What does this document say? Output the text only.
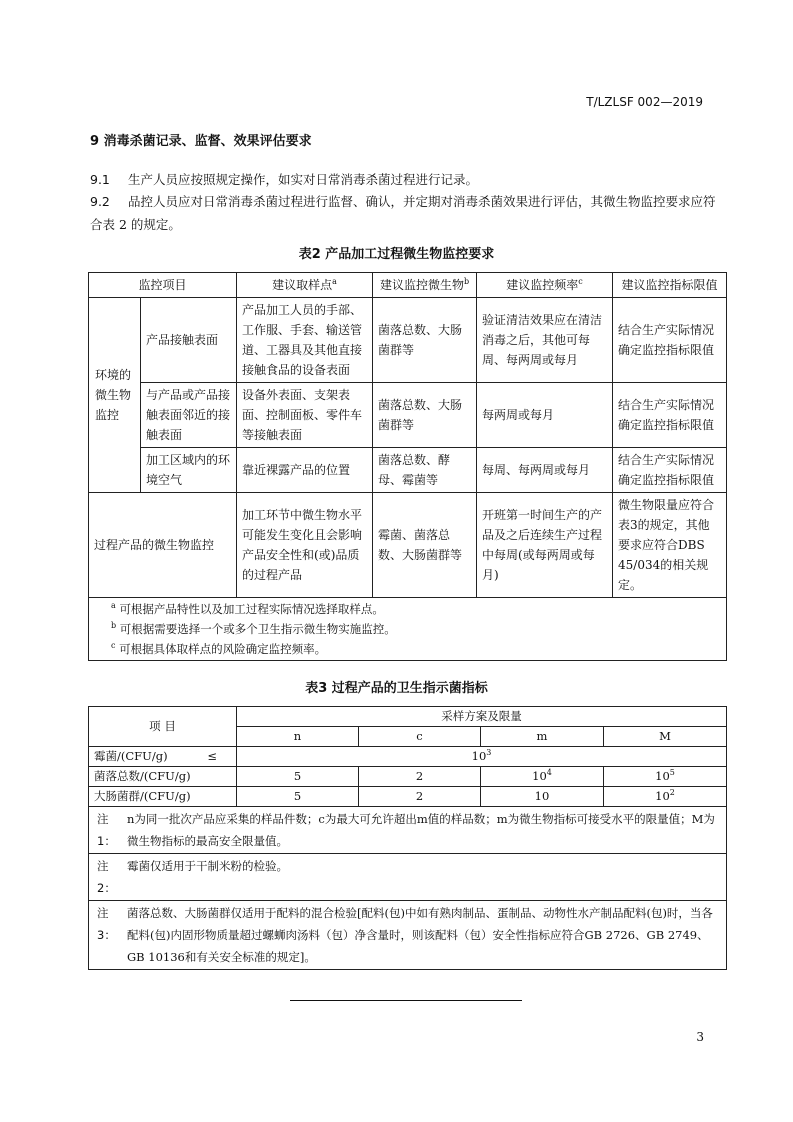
T/LZLSF 002—2019
9 消毒杀菌记录、监督、效果评估要求
9.1 生产人员应按照规定操作，如实对日常消毒杀菌过程进行记录。
9.2 品控人员应对日常消毒杀菌过程进行监督、确认，并定期对消毒杀菌效果进行评估，其微生物监控要求应符合表 2 的规定。
表2 产品加工过程微生物监控要求
监控项目		建议取样点$^a$	建议监控微生物$^b$	建议监控频率$^c$	建议监控指标限值
环境的微生物监控	产品接触表面	产品加工人员的手部、工作服、手套、输送管道、工器具及其他直接接触食品的设备表面	菌落总数、大肠菌群等	验证清洁效果应在清洁消毒之后，其他可每周、每两周或每月	结合生产实际情况确定监控指标限值
	与产品或产品接触表面邻近的接触表面	设备外表面、支架表面、控制面板、零件车等接触表面	菌落总数、大肠菌群等	每两周或每月	结合生产实际情况确定监控指标限值
	加工区域内的环境空气	靠近裸露产品的位置	菌落总数、酵母、霉菌等	每周、每两周或每月	结合生产实际情况确定监控指标限值
过程产品的微生物监控		加工环节中微生物水平可能发生变化且会影响产品安全性和(或)品质的过程产品	霉菌、菌落总数、大肠菌群等	开班第一时间生产的产品及之后连续生产过程中每周(或每两周或每月)	微生物限量应符合表3的规定，其他要求应符合DBS 45/034的相关规定。

$^a$ 可根据产品特性以及加工过程实际情况选择取样点。
$^b$ 可根据需要选择一个或多个卫生指示微生物实施监控。
$^c$ 可根据具体取样点的风险确定监控频率。					
表3 过程产品的卫生指示菌指标
项 目	采样方案及限量			
	n	c	m	M
霉菌/(CFU/g) ≤	$10^3$
菌落总数/(CFU/g)	5	2	$10^4$	$10^5$
大肠菌群/(CFU/g)	5	2	10	$10^2$

注1：
n为同一批次产品应采集的样品件数；c为最大可允许超出m值的样品数；m为微生物指标可接受水平的限量值；M为微生物指标的最高安全限量值。				

注2：
霉菌仅适用于干制米粉的检验。				

注3：
菌落总数、大肠菌群仅适用于配料的混合检验[配料(包)中如有熟肉制品、蛋制品、动物性水产制品配料(包)时，当各配料(包)内固形物质量超过螺蛳肉汤料（包）净含量时，则该配料（包）安全性指标应符合GB 2726、GB 2749、GB 10136和有关安全标准的规定]。				
3
